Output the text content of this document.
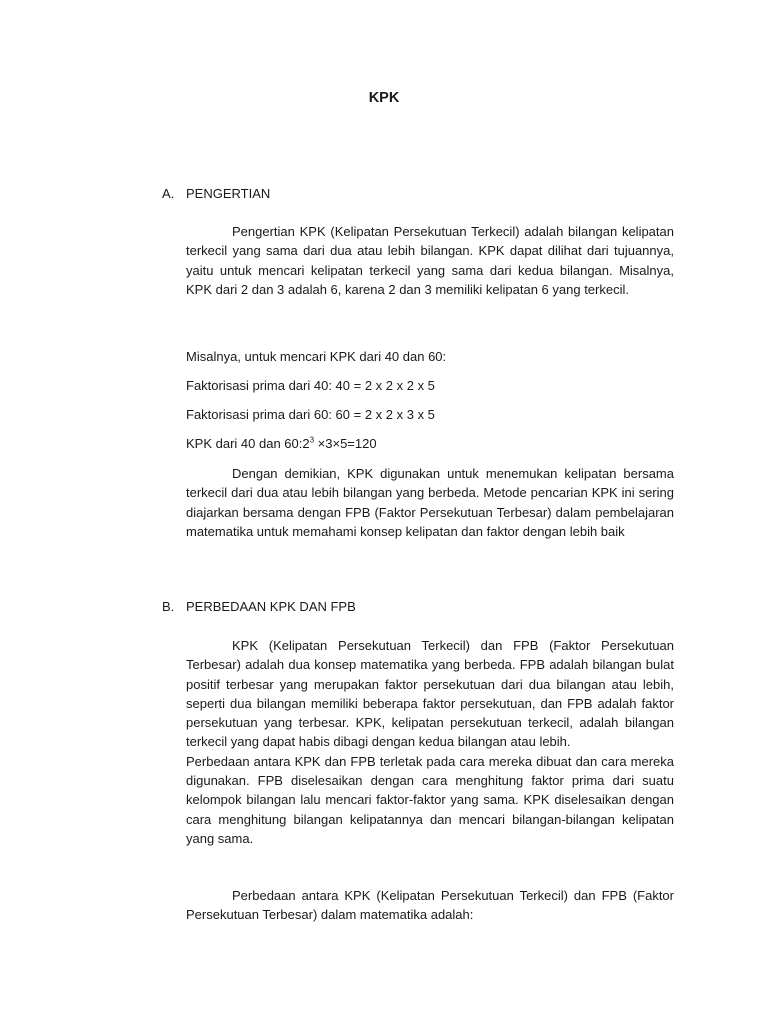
KPK
A. PENGERTIAN
Pengertian KPK (Kelipatan Persekutuan Terkecil) adalah bilangan kelipatan terkecil yang sama dari dua atau lebih bilangan. KPK dapat dilihat dari tujuannya, yaitu untuk mencari kelipatan terkecil yang sama dari kedua bilangan. Misalnya, KPK dari 2 dan 3 adalah 6, karena 2 dan 3 memiliki kelipatan 6 yang terkecil.
Misalnya, untuk mencari KPK dari 40 dan 60:
Faktorisasi prima dari 40: 40 = 2 x 2 x 2 x 5
Faktorisasi prima dari 60: 60 = 2 x 2 x 3 x 5
KPK dari 40 dan $60:2^3 \times 3\times 5=120$
Dengan demikian, KPK digunakan untuk menemukan kelipatan bersama terkecil dari dua atau lebih bilangan yang berbeda. Metode pencarian KPK ini sering diajarkan bersama dengan FPB (Faktor Persekutuan Terbesar) dalam pembelajaran matematika untuk memahami konsep kelipatan dan faktor dengan lebih baik
B. PERBEDAAN KPK DAN FPB
KPK (Kelipatan Persekutuan Terkecil) dan FPB (Faktor Persekutuan Terbesar) adalah dua konsep matematika yang berbeda. FPB adalah bilangan bulat positif terbesar yang merupakan faktor persekutuan dari dua bilangan atau lebih, seperti dua bilangan memiliki beberapa faktor persekutuan, dan FPB adalah faktor persekutuan yang terbesar. KPK, kelipatan persekutuan terkecil, adalah bilangan terkecil yang dapat habis dibagi dengan kedua bilangan atau lebih.
Perbedaan antara KPK dan FPB terletak pada cara mereka dibuat dan cara mereka digunakan. FPB diselesaikan dengan cara menghitung faktor prima dari suatu kelompok bilangan lalu mencari faktor-faktor yang sama. KPK diselesaikan dengan cara menghitung bilangan kelipatannya dan mencari bilangan-bilangan kelipatan yang sama.
Perbedaan antara KPK (Kelipatan Persekutuan Terkecil) dan FPB (Faktor Persekutuan Terbesar) dalam matematika adalah:
